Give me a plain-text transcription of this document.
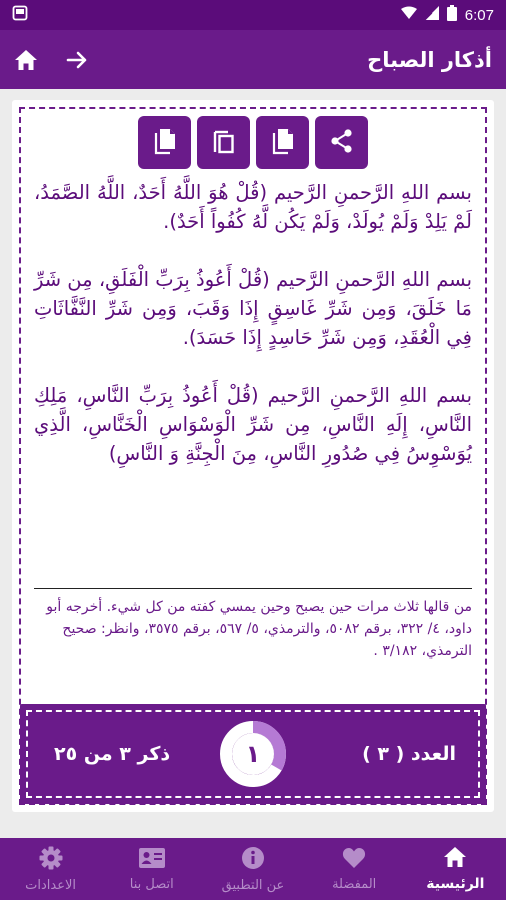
6:07
أذكار الصباح

بسم اللهِ الرَّحمنِ الرَّحيم (قُلْ هُوَ اللَّهُ أَحَدٌ، اللَّهُ الصَّمَدُ، لَمْ يَلِدْ وَلَمْ يُولَدْ، وَلَمْ يَكُن لَّهُ كُفُواً أَحَدٌ).

بسم اللهِ الرَّحمنِ الرَّحيم (قُلْ أَعُوذُ بِرَبِّ الْفَلَقِ، مِن شَرِّ مَا خَلَقَ، وَمِن شَرِّ غَاسِقٍ إِذَا وَقَبَ، وَمِن شَرِّ النَّفَّاثَاتِ فِي الْعُقَدِ، وَمِن شَرِّ حَاسِدٍ إِذَا حَسَدَ).

بسم اللهِ الرَّحمنِ الرَّحيم (قُلْ أَعُوذُ بِرَبِّ النَّاسِ، مَلِكِ النَّاسِ، إِلَهِ النَّاسِ، مِن شَرِّ الْوَسْوَاسِ الْخَنَّاسِ، الَّذِي يُوَسْوِسُ فِي صُدُورِ النَّاسِ، مِنَ الْجِنَّةِ وَ النَّاسِ)

من قالها ثلاث مرات حين يصبح وحين يمسي كفته من كل شيء. أخرجه أبو داود، ٤/ ٣٢٢، برقم ٥٠٨٢، والترمذي، ٥/ ٥٦٧، برقم ٣٥٧٥، وانظر: صحيح الترمذي، ٣/١٨٢ .
العدد ( ٣ )
١
ذكر ٣ من ٢٥
الرئيسية
المفضلة
عن التطبيق
اتصل بنا
الاعدادات
